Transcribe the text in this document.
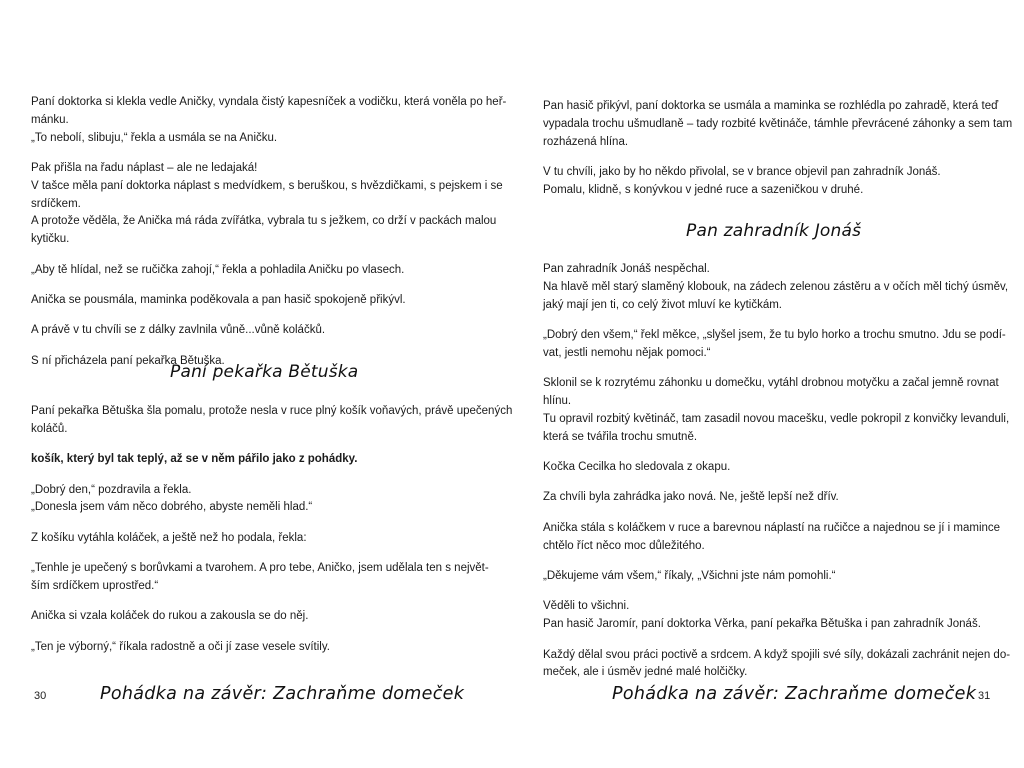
Paní doktorka si klekla vedle Aničky, vyndala čistý kapesníček a vodičku, která voněla po heř-
mánku.
„To nebolí, slibuju,“ řekla a usmála se na Aničku.
Pak přišla na řadu náplast – ale ne ledajaká!
V tašce měla paní doktorka náplast s medvídkem, s beruškou, s hvězdičkami, s pejskem i se
srdíčkem.
A protože věděla, že Anička má ráda zvířátka, vybrala tu s ježkem, co drží v packách malou
kytičku.
„Aby tě hlídal, než se ručička zahojí,“ řekla a pohladila Aničku po vlasech.
Anička se pousmála, maminka poděkovala a pan hasič spokojeně přikývl.
A právě v tu chvíli se z dálky zavlnila vůně...vůně koláčků.
S ní přicházela paní pekařka Bětuška.
Paní pekařka Bětuška šla pomalu, protože nesla v ruce plný košík voňavých, právě upečených
koláčů.
košík, který byl tak teplý, až se v něm pářilo jako z pohádky.
„Dobrý den,“ pozdravila a řekla.
„Donesla jsem vám něco dobrého, abyste neměli hlad.“
Z košíku vytáhla koláček, a ještě než ho podala, řekla:
„Tenhle je upečený s borůvkami a tvarohem. A pro tebe, Aničko, jsem udělala ten s největ-
ším srdíčkem uprostřed.“
Anička si vzala koláček do rukou a zakousla se do něj.
„Ten je výborný,“ říkala radostně a oči jí zase vesele svítily.
Paní pekařka Bětuška
30	Pohádka na závěr: Zachraňme domeček
Pan hasič přikývl, paní doktorka se usmála a maminka se rozhlédla po zahradě, která teď
vypadala trochu ušmudlaně – tady rozbité květináče, támhle převrácené záhonky a sem tam
rozházená hlína.
V tu chvíli, jako by ho někdo přivolal, se v brance objevil pan zahradník Jonáš.
Pomalu, klidně, s konývkou v jedné ruce a sazeničkou v druhé.
Pan zahradník Jonáš nespěchal.
Na hlavě měl starý slaměný klobouk, na zádech zelenou zástěru a v očích měl tichý úsměv,
jaký mají jen ti, co celý život mluví ke kytičkám.
„Dobrý den všem,“ řekl měkce, „slyšel jsem, že tu bylo horko a trochu smutno. Jdu se podí-
vat, jestli nemohu nějak pomoci.“
Sklonil se k rozrytému záhonku u domečku, vytáhl drobnou motyčku a začal jemně rovnat
hlínu.
Tu opravil rozbitý květináč, tam zasadil novou macešku, vedle pokropil z konvičky levanduli,
která se tvářila trochu smutně.
Kočka Cecilka ho sledovala z okapu.
Za chvíli byla zahrádka jako nová. Ne, ještě lepší než dřív.
Anička stála s koláčkem v ruce a barevnou náplastí na ručičce a najednou se jí i mamince
chtělo říct něco moc důležitého.
„Děkujeme vám všem,“ říkaly, „Všichni jste nám pomohli.“
Věděli to všichni.
Pan hasič Jaromír, paní doktorka Věrka, paní pekařka Bětuška i pan zahradník Jonáš.
Každý dělal svou práci poctivě a srdcem. A když spojili své síly, dokázali zachránit nejen do-
meček, ale i úsměv jedné malé holčičky.
Pan zahradník Jonáš
Pohádka na závěr: Zachraňme domeček 31
